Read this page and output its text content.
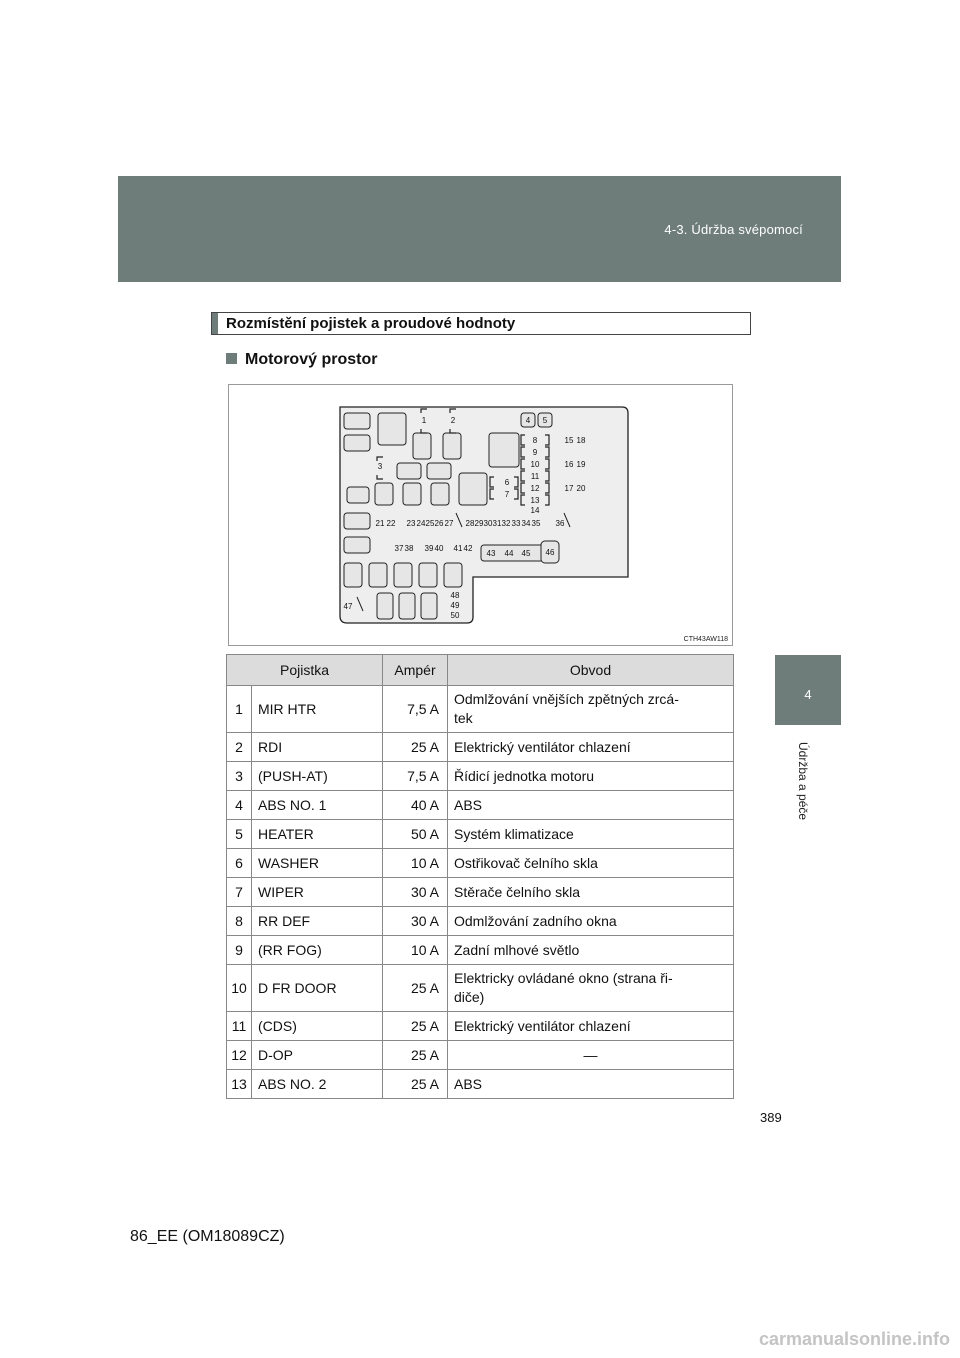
4-3. Údržba svépomocí
4
Údržba a péče
Rozmístění pojistek a proudové hodnoty
Motorový prostor
1	2
3
4 5
6
7
8
9
10
11
12
13
14
15
16
17
18
19
20
21 22 23 24 25 26 27 28 29 30 31 32 33 34 35 36
37 38 39 40 41 42
43 44 45 46
47
48
49
50
CTH43AW118
Pojistka		Ampér	Obvod
1	MIR HTR	7,5 A	Odmlžování vnějších zpětných zrcá-
tek
2	RDI	25 A	Elektrický ventilátor chlazení
3	(PUSH-AT)	7,5 A	Řídicí jednotka motoru
4	ABS NO. 1	40 A	ABS
5	HEATER	50 A	Systém klimatizace
6	WASHER	10 A	Ostřikovač čelního skla
7	WIPER	30 A	Stěrače čelního skla
8	RR DEF	30 A	Odmlžování zadního okna
9	(RR FOG)	10 A	Zadní mlhové světlo
10	D FR DOOR	25 A	Elektricky ovládané okno (strana ři-
diče)
11	(CDS)	25 A	Elektrický ventilátor chlazení
12	D-OP	25 A	—
13	ABS NO. 2	25 A	ABS
389
86_EE (OM18089CZ)
carmanualsonline.info
